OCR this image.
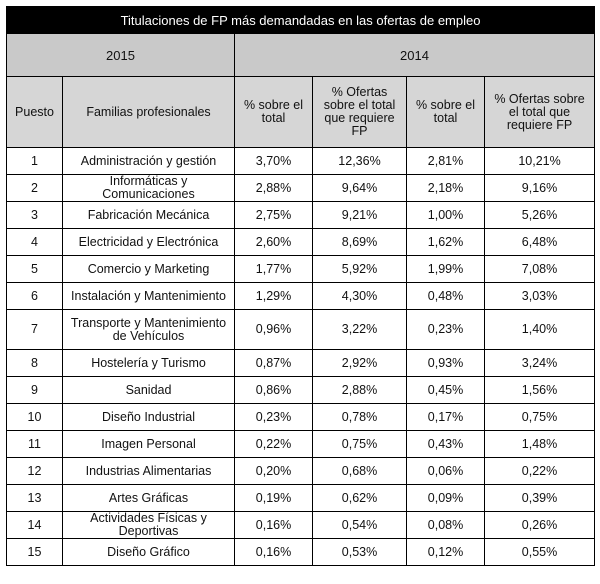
Titulaciones de FP más demandadas en las ofertas de empleo					
2015		2014			
Puesto	Familias profesionales	% sobre el total	% Ofertas sobre el total que requiere FP	% sobre el total	% Ofertas sobre el total que requiere FP
1	Administración y gestión	3,70%	12,36%	2,81%	10,21%
2	Informáticas y Comunicaciones	2,88%	9,64%	2,18%	9,16%
3	Fabricación Mecánica	2,75%	9,21%	1,00%	5,26%
4	Electricidad y Electrónica	2,60%	8,69%	1,62%	6,48%
5	Comercio y Marketing	1,77%	5,92%	1,99%	7,08%
6	Instalación y Mantenimiento	1,29%	4,30%	0,48%	3,03%
7	Transporte y Mantenimiento de Vehículos	0,96%	3,22%	0,23%	1,40%
8	Hostelería y Turismo	0,87%	2,92%	0,93%	3,24%
9	Sanidad	0,86%	2,88%	0,45%	1,56%
10	Diseño Industrial	0,23%	0,78%	0,17%	0,75%
11	Imagen Personal	0,22%	0,75%	0,43%	1,48%
12	Industrias Alimentarias	0,20%	0,68%	0,06%	0,22%
13	Artes Gráficas	0,19%	0,62%	0,09%	0,39%
14	Actividades Físicas y Deportivas	0,16%	0,54%	0,08%	0,26%
15	Diseño Gráfico	0,16%	0,53%	0,12%	0,55%
